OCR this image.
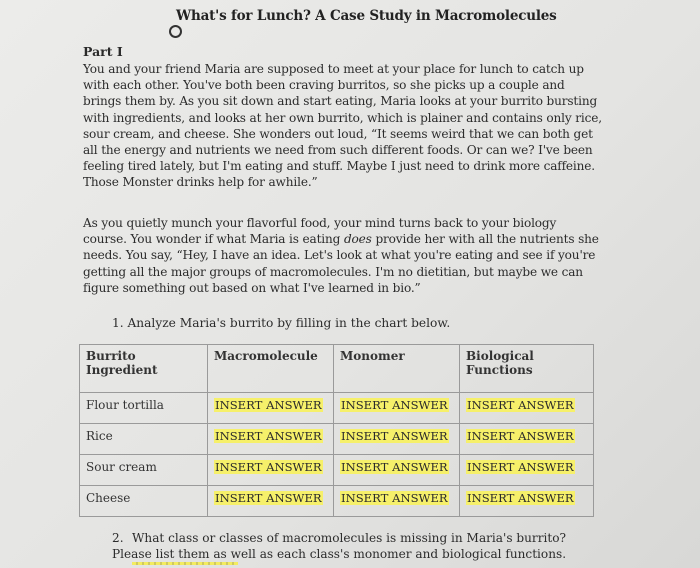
What's for Lunch? A Case Study in Macromolecules
Part I

You and your friend Maria are supposed to meet at your place for lunch to catch up with each other. You've both been craving burritos, so she picks up a couple and brings them by. As you sit down and start eating, Maria looks at your burrito bursting with ingredients, and looks at her own burrito, which is plainer and contains only rice, sour cream, and cheese. She wonders out loud, “It seems weird that we can both get all the energy and nutrients we need from such different foods. Or can we? I've been feeling tired lately, but I'm eating and stuff. Maybe I just need to drink more caffeine. Those Monster drinks help for awhile.”

As you quietly munch your flavorful food, your mind turns back to your biology course. You wonder if what Maria is eating does provide her with all the nutrients she needs. You say, “Hey, I have an idea. Let's look at what you're eating and see if you're getting all the major groups of macromolecules. I'm no dietitian, but maybe we can figure something out based on what I've learned in bio.”

1. Analyze Maria's burrito by filling in the chart below.
Burrito Ingredient	Macromolecule	Monomer	Biological Functions
Flour tortilla	INSERT ANSWER	INSERT ANSWER	INSERT ANSWER
Rice	INSERT ANSWER	INSERT ANSWER	INSERT ANSWER
Sour cream	INSERT ANSWER	INSERT ANSWER	INSERT ANSWER
Cheese	INSERT ANSWER	INSERT ANSWER	INSERT ANSWER

2. What class or classes of macromolecules is missing in Maria's burrito? Please list them as well as each class's monomer and biological functions.
